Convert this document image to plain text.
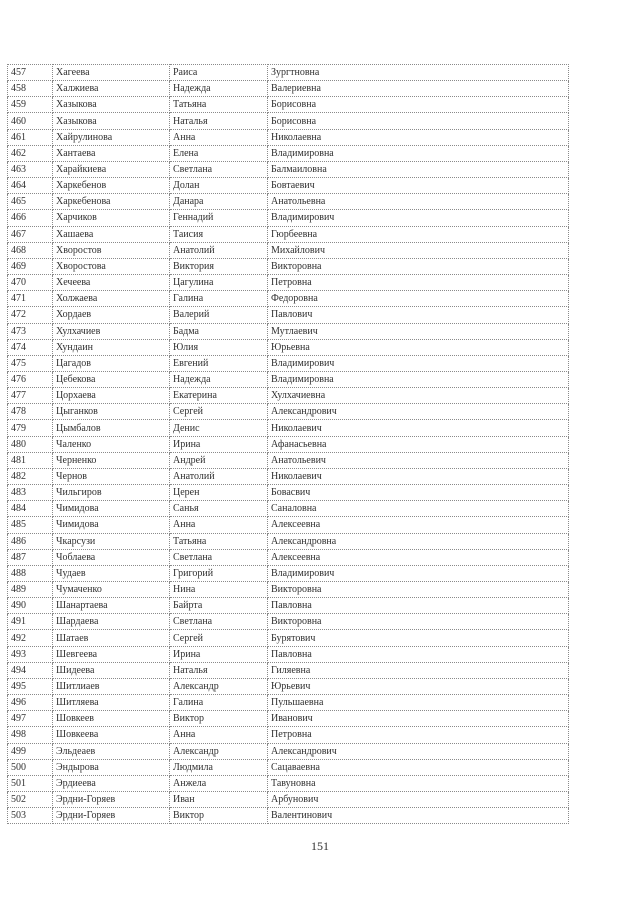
457	Хагеева	Раиса	Зургтновна
458	Халжиева	Надежда	Валериевна
459	Хазыкова	Татьяна	Борисовна
460	Хазыкова	Наталья	Борисовна
461	Хайрулинова	Анна	Николаевна
462	Хантаева	Елена	Владимировна
463	Харайкиева	Светлана	Балмаиловна
464	Харкебенов	Долан	Бовтаевич
465	Харкебенова	Данара	Анатольевна
466	Харчиков	Геннадий	Владимирович
467	Хашаева	Таисия	Гюрбеевна
468	Хворостов	Анатолий	Михайлович
469	Хворостова	Виктория	Викторовна
470	Хечеева	Цагулина	Петровна
471	Холжаева	Галина	Федоровна
472	Хордаев	Валерий	Павлович
473	Хулхачиев	Бадма	Мутлаевич
474	Хундаин	Юлия	Юрьевна
475	Цагадов	Евгений	Владимирович
476	Цебекова	Надежда	Владимировна
477	Цорхаева	Екатерина	Хулхачиевна
478	Цыганков	Сергей	Александрович
479	Цымбалов	Денис	Николаевич
480	Чаленко	Ирина	Афанасьевна
481	Черненко	Андрей	Анатольевич
482	Чернов	Анатолий	Николаевич
483	Чильгиров	Церен	Бовасвич
484	Чимидова	Санья	Саналовна
485	Чимидова	Анна	Алексеевна
486	Чкарсузи	Татьяна	Александровна
487	Чоблаева	Светлана	Алексеевна
488	Чудаев	Григорий	Владимирович
489	Чумаченко	Нина	Викторовна
490	Шанартаева	Байрта	Павловна
491	Шардаева	Светлана	Викторовна
492	Шатаев	Сергей	Бурятович
493	Шевгеева	Ирина	Павловна
494	Шидеева	Наталья	Гиляевна
495	Шитлиаев	Александр	Юрьевич
496	Шитляева	Галина	Пульшаевна
497	Шовкеев	Виктор	Иванович
498	Шовкеева	Анна	Петровна
499	Эльдеаев	Александр	Александрович
500	Эндырова	Людмила	Сацаваевна
501	Эрдиеева	Анжела	Тавуновна
502	Эрдни-Горяев	Иван	Арбунович
503	Эрдни-Горяев	Виктор	Валентинович
151
